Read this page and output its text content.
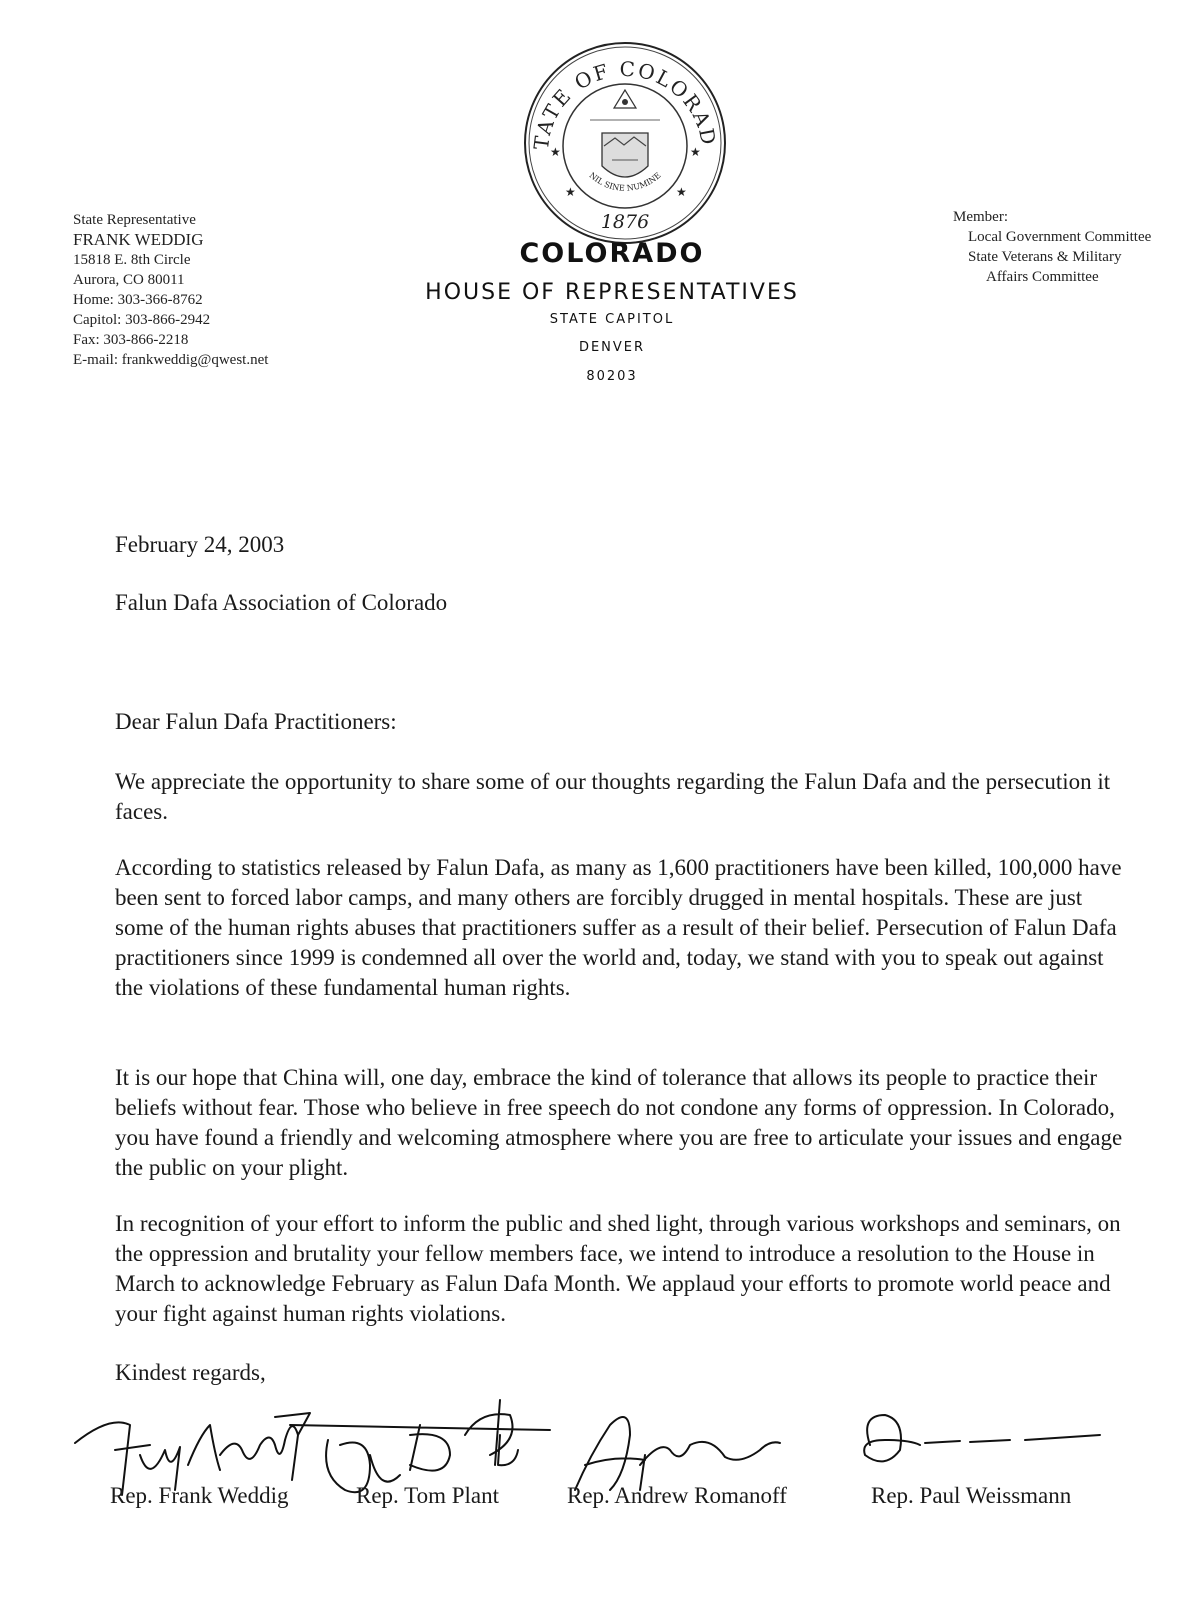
TATE OF COLORAD
NIL SINE NUMINE
★	★
★	★
1876
State Representative
FRANK WEDDIG
15818 E. 8th Circle
Aurora, CO 80011
Home: 303-366-8762
Capitol: 303-866-2942
Fax: 303-866-2218
E-mail: frankweddig@qwest.net
COLORADO
HOUSE OF REPRESENTATIVES
STATE CAPITOL
DENVER
80203
Member:
Local Government Committee
State Veterans & Military
Affairs Committee
February 24, 2003
Falun Dafa Association of Colorado
Dear Falun Dafa Practitioners:
We appreciate the opportunity to share some of our thoughts regarding the Falun Dafa and the persecution it faces.
According to statistics released by Falun Dafa, as many as 1,600 practitioners have been killed, 100,000 have been sent to forced labor camps, and many others are forcibly drugged in mental hospitals. These are just some of the human rights abuses that practitioners suffer as a result of their belief. Persecution of Falun Dafa practitioners since 1999 is condemned all over the world and, today, we stand with you to speak out against the violations of these fundamental human rights.
It is our hope that China will, one day, embrace the kind of tolerance that allows its people to practice their beliefs without fear. Those who believe in free speech do not condone any forms of oppression. In Colorado, you have found a friendly and welcoming atmosphere where you are free to articulate your issues and engage the public on your plight.
In recognition of your effort to inform the public and shed light, through various workshops and seminars, on the oppression and brutality your fellow members face, we intend to introduce a resolution to the House in March to acknowledge February as Falun Dafa Month. We applaud your efforts to promote world peace and your fight against human rights violations.
Kindest regards,
Rep. Frank Weddig	Rep. Tom Plant	Rep. Andrew Romanoff	Rep. Paul Weissmann
